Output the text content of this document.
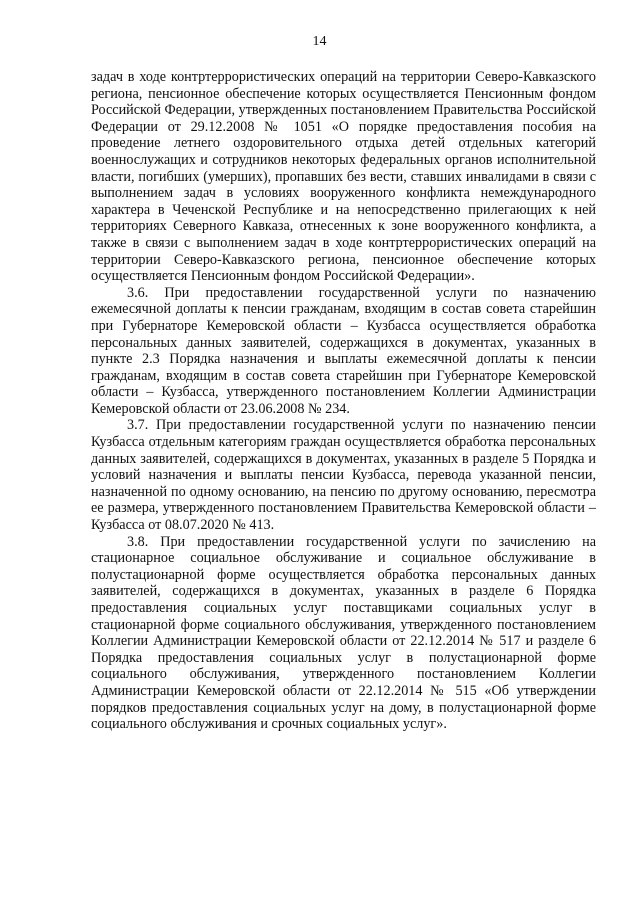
14

задач в ходе контртеррористических операций на территории Северо-Кавказского региона, пенсионное обеспечение которых осуществляется Пенсионным фондом Российской Федерации, утвержденных постановлением Правительства Российской Федерации от 29.12.2008 № 1051 «О порядке предоставления пособия на проведение летнего оздоровительного отдыха детей отдельных категорий военнослужащих и сотрудников некоторых федеральных органов исполнительной власти, погибших (умерших), пропавших без вести, ставших инвалидами в связи с выполнением задач в условиях вооруженного конфликта немеждународного характера в Чеченской Республике и на непосредственно прилегающих к ней территориях Северного Кавказа, отнесенных к зоне вооруженного конфликта, а также в связи с выполнением задач в ходе контртеррористических операций на территории Северо-Кавказского региона, пенсионное обеспечение которых осуществляется Пенсионным фондом Российской Федерации».

3.6. При предоставлении государственной услуги по назначению ежемесячной доплаты к пенсии гражданам, входящим в состав совета старейшин при Губернаторе Кемеровской области – Кузбасса осуществляется обработка персональных данных заявителей, содержащихся в документах, указанных в пункте 2.3 Порядка назначения и выплаты ежемесячной доплаты к пенсии гражданам, входящим в состав совета старейшин при Губернаторе Кемеровской области – Кузбасса, утвержденного постановлением Коллегии Администрации Кемеровской области от 23.06.2008 № 234.

3.7. При предоставлении государственной услуги по назначению пенсии Кузбасса отдельным категориям граждан осуществляется обработка персональных данных заявителей, содержащихся в документах, указанных в разделе 5 Порядка и условий назначения и выплаты пенсии Кузбасса, перевода указанной пенсии, назначенной по одному основанию, на пенсию по другому основанию, пересмотра ее размера, утвержденного постановлением Правительства Кемеровской области – Кузбасса от 08.07.2020 № 413.

3.8. При предоставлении государственной услуги по зачислению на стационарное социальное обслуживание и социальное обслуживание в полустационарной форме осуществляется обработка персональных данных заявителей, содержащихся в документах, указанных в разделе 6 Порядка предоставления социальных услуг поставщиками социальных услуг в стационарной форме социального обслуживания, утвержденного постановлением Коллегии Администрации Кемеровской области от 22.12.2014 № 517 и разделе 6 Порядка предоставления социальных услуг в полустационарной форме социального обслуживания, утвержденного постановлением Коллегии Администрации Кемеровской области от 22.12.2014 № 515 «Об утверждении порядков предоставления социальных услуг на дому, в полустационарной форме социального обслуживания и срочных социальных услуг».
